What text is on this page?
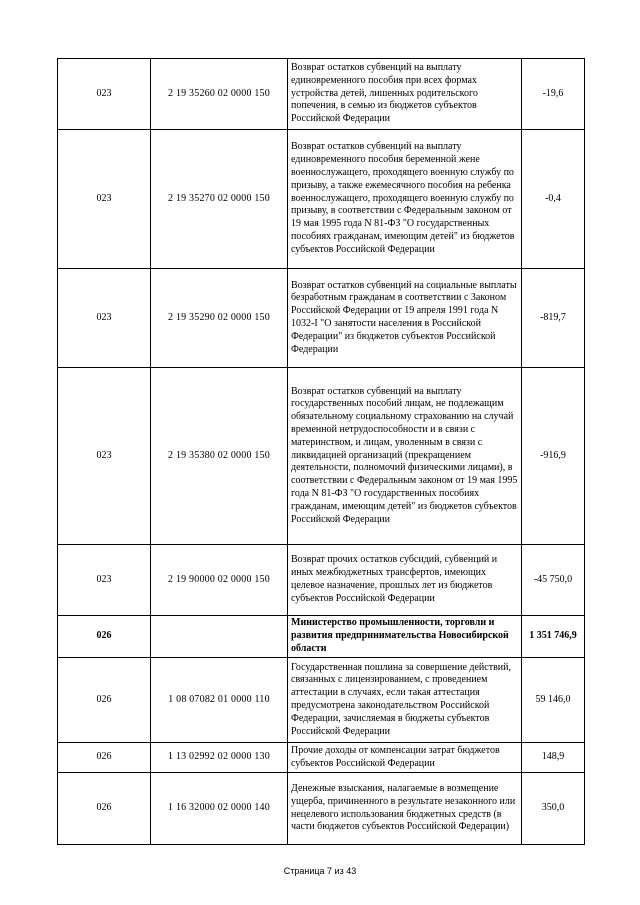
023	2 19 35260 02 0000 150	Возврат остатков субвенций на выплату единовременного пособия при всех формах устройства детей, лишенных родительского попечения, в семью из бюджетов субъектов Российской Федерации	-19,6
023	2 19 35270 02 0000 150	Возврат остатков субвенций на выплату единовременного пособия беременной жене военнослужащего, проходящего военную службу по призыву, а также ежемесячного пособия на ребенка военнослужащего, проходящего военную службу по призыву, в соответствии с Федеральным законом от 19 мая 1995 года N 81-ФЗ "О государственных пособиях гражданам, имеющим детей" из бюджетов субъектов Российской Федерации	-0,4
023	2 19 35290 02 0000 150	Возврат остатков субвенций на социальные выплаты безработным гражданам в соответствии с Законом Российской Федерации от 19 апреля 1991 года N 1032-I "О занятости населения в Российской Федерации" из бюджетов субъектов Российской Федерации	-819,7
023	2 19 35380 02 0000 150	Возврат остатков субвенций на выплату государственных пособий лицам, не подлежащим обязательному социальному страхованию на случай временной нетрудоспособности и в связи с материнством, и лицам, уволенным в связи с ликвидацией организаций (прекращением деятельности, полномочий физическими лицами), в соответствии с Федеральным законом от 19 мая 1995 года N 81-ФЗ "О государственных пособиях гражданам, имеющим детей" из бюджетов субъектов Российской Федерации	-916,9
023	2 19 90000 02 0000 150	Возврат прочих остатков субсидий, субвенций и иных межбюджетных трансфертов, имеющих целевое назначение, прошлых лет из бюджетов субъектов Российской Федерации	-45 750,0
026		Министерство промышленности, торговли и развития предпринимательства Новосибирской области	1 351 746,9
026	1 08 07082 01 0000 110	Государственная пошлина за совершение действий, связанных с лицензированием, с проведением аттестации в случаях, если такая аттестация предусмотрена законодательством Российской Федерации, зачисляемая в бюджеты субъектов Российской Федерации	59 146,0
026	1 13 02992 02 0000 130	Прочие доходы от компенсации затрат бюджетов субъектов Российской Федерации	148,9
026	1 16 32000 02 0000 140	Денежные взыскания, налагаемые в возмещение ущерба, причиненного в результате незаконного или нецелевого использования бюджетных средств (в части бюджетов субъектов Российской Федерации)	350,0
Страница 7 из 43
